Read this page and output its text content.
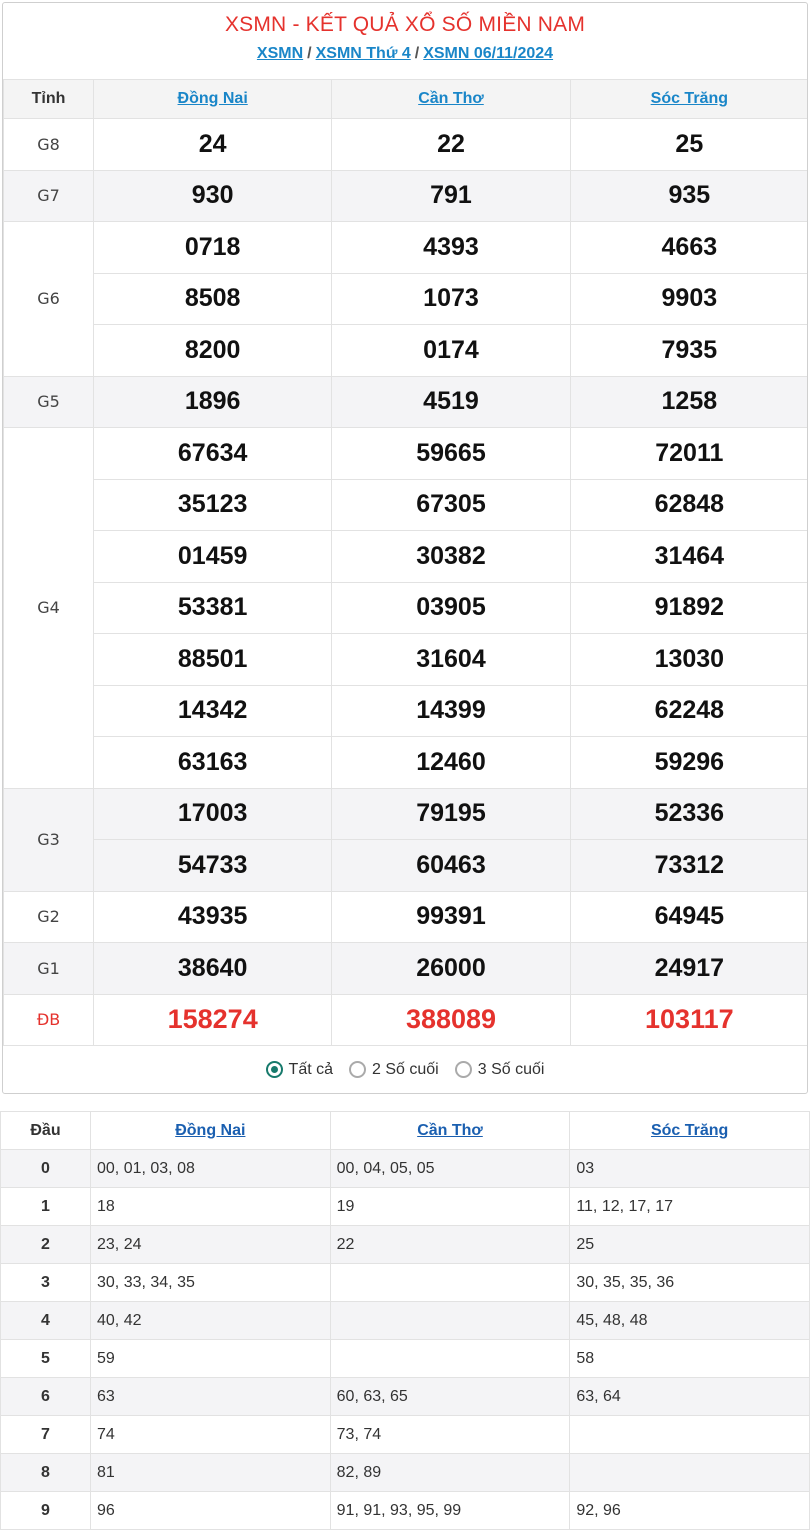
XSMN - KẾT QUẢ XỔ SỐ MIỀN NAM
XSMN / XSMN Thứ 4 / XSMN 06/11/2024
Tỉnh	Đồng Nai	Cần Thơ	Sóc Trăng
G8	24	22	25
G7	930	791	935
G6	0718	4393	4663
	8508	1073	9903
	8200	0174	7935
G5	1896	4519	1258
G4	67634	59665	72011
	35123	67305	62848
	01459	30382	31464
	53381	03905	91892
	88501	31604	13030
	14342	14399	62248
	63163	12460	59296
G3	17003	79195	52336
	54733	60463	73312
G2	43935	99391	64945
G1	38640	26000	24917
ĐB	158274	388089	103117
Tất cả 2 Số cuối 3 Số cuối
Đầu	Đồng Nai	Cần Thơ	Sóc Trăng
0	00, 01, 03, 08	00, 04, 05, 05	03
1	18	19	11, 12, 17, 17
2	23, 24	22	25
3	30, 33, 34, 35		30, 35, 35, 36
4	40, 42		45, 48, 48
5	59		58
6	63	60, 63, 65	63, 64
7	74	73, 74	
8	81	82, 89	
9	96	91, 91, 93, 95, 99	92, 96
